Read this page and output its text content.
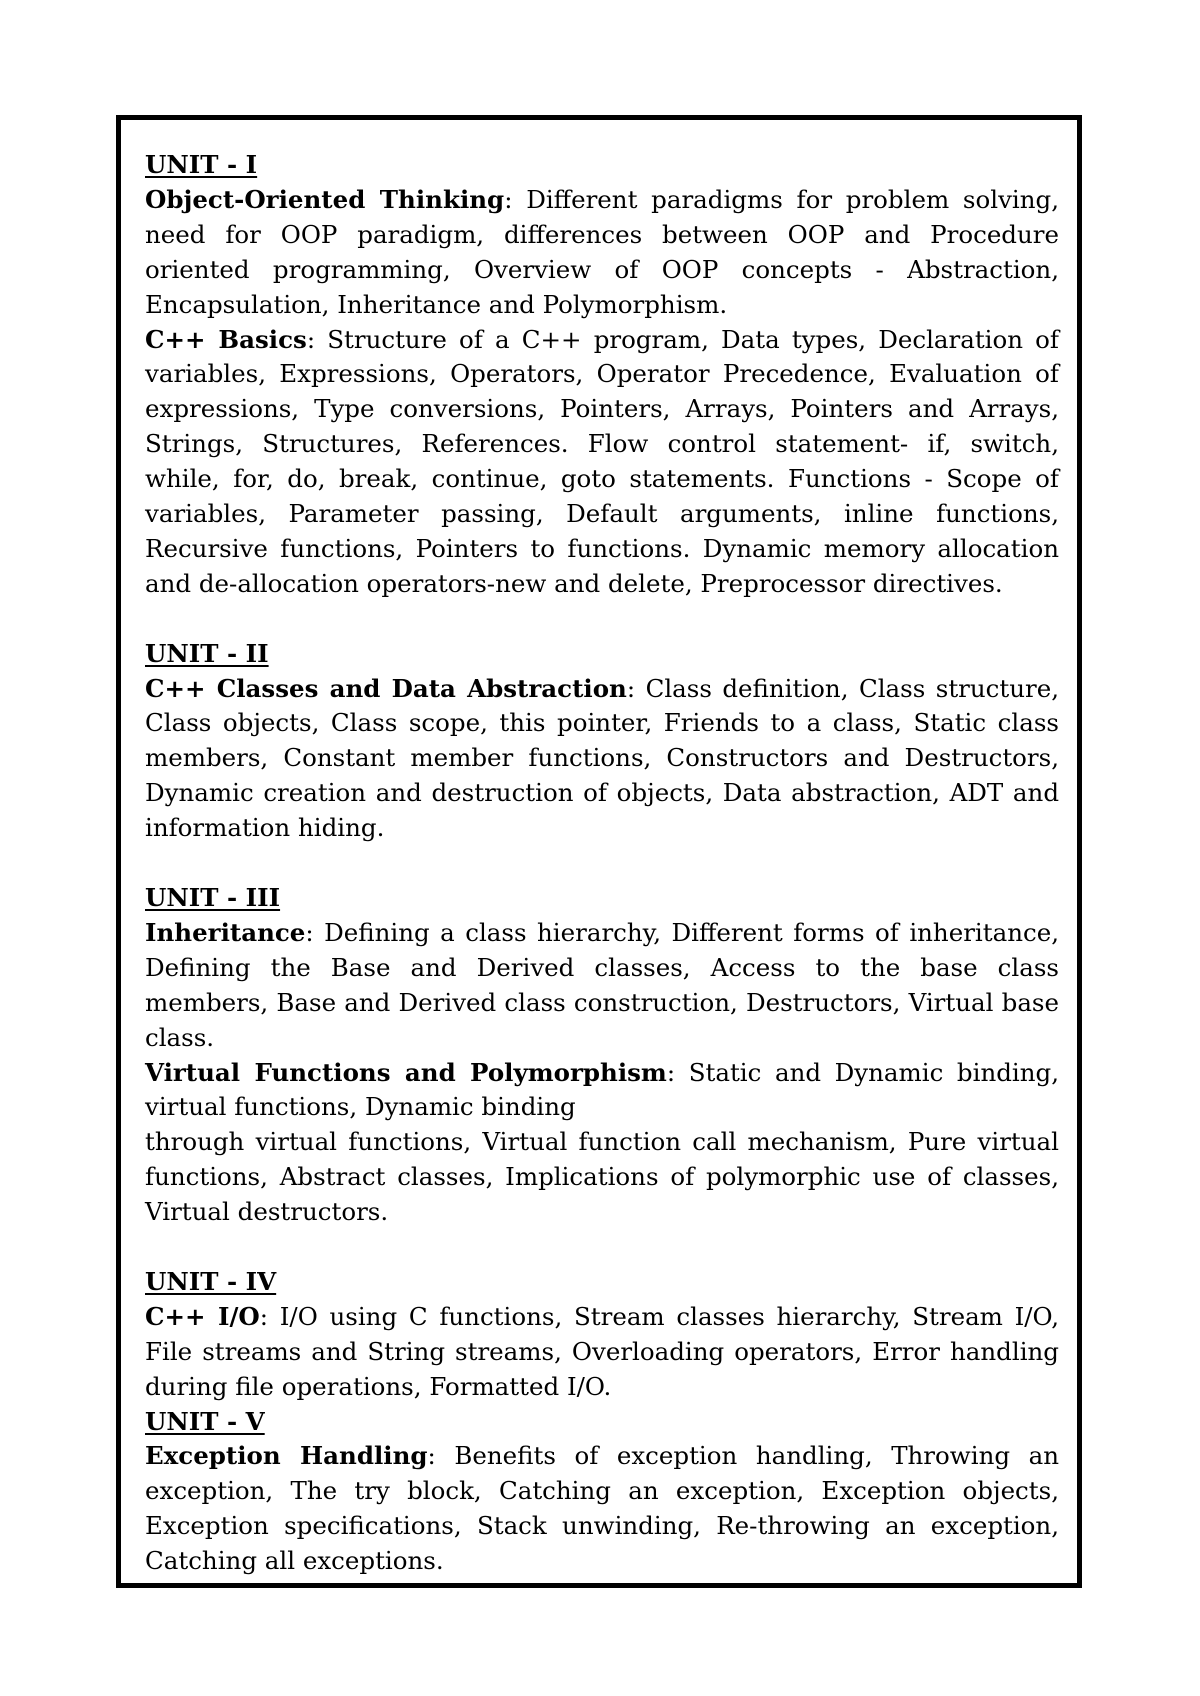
UNIT - I

Object-Oriented Thinking: Different paradigms for problem solving, need for OOP paradigm, differences between OOP and Procedure oriented programming, Overview of OOP concepts - Abstraction, Encapsulation, Inheritance and Polymorphism.

C++ Basics: Structure of a C++ program, Data types, Declaration of variables, Expressions, Operators, Operator Precedence, Evaluation of expressions, Type conversions, Pointers, Arrays, Pointers and Arrays, Strings, Structures, References. Flow control statement- if, switch, while, for, do, break, continue, goto statements. Functions - Scope of variables, Parameter passing, Default arguments, inline functions, Recursive functions, Pointers to functions. Dynamic memory allocation and de-allocation operators-new and delete, Preprocessor directives.

UNIT - II

C++ Classes and Data Abstraction: Class definition, Class structure, Class objects, Class scope, this pointer, Friends to a class, Static class members, Constant member functions, Constructors and Destructors, Dynamic creation and destruction of objects, Data abstraction, ADT and information hiding.

UNIT - III

Inheritance: Defining a class hierarchy, Different forms of inheritance, Defining the Base and Derived classes, Access to the base class members, Base and Derived class construction, Destructors, Virtual base class.

Virtual Functions and Polymorphism: Static and Dynamic binding, virtual functions, Dynamic binding

through virtual functions, Virtual function call mechanism, Pure virtual functions, Abstract classes, Implications of polymorphic use of classes, Virtual destructors.

UNIT - IV

C++ I/O: I/O using C functions, Stream classes hierarchy, Stream I/O, File streams and String streams, Overloading operators, Error handling during file operations, Formatted I/O.

UNIT - V

Exception Handling: Benefits of exception handling, Throwing an exception, The try block, Catching an exception, Exception objects, Exception specifications, Stack unwinding, Re-throwing an exception, Catching all exceptions.
